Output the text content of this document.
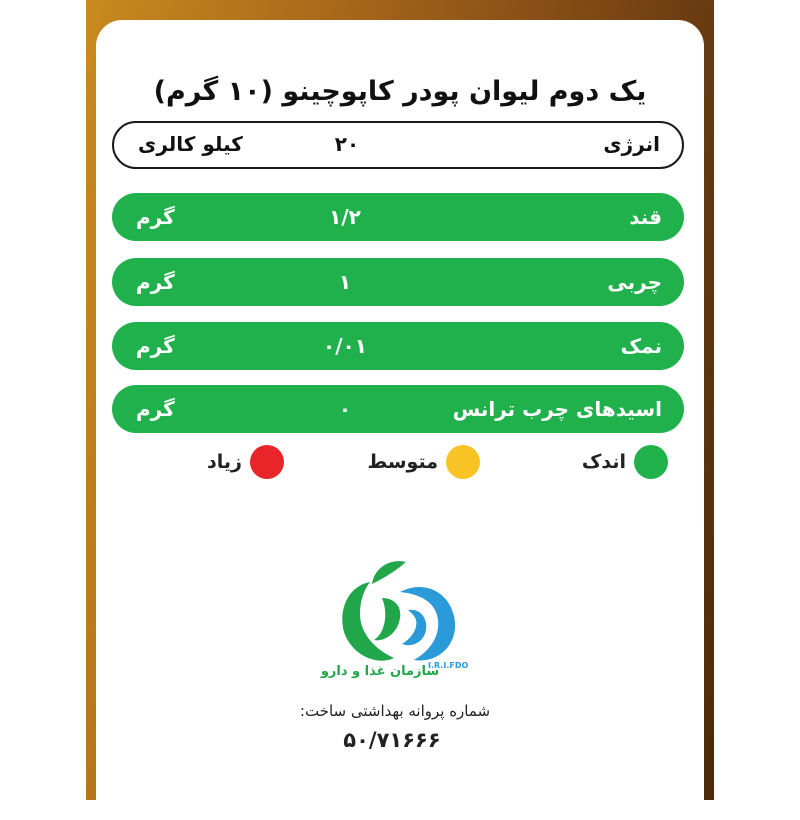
یک دوم لیوان پودر کاپوچینو (۱۰ گرم)
انرژی
۲۰
کیلو کالری
قند
۱/۲
گرم
چربی
۱
گرم
نمک
۰/۰۱
گرم
اسیدهای چرب ترانس
۰
گرم
اندک
متوسط
زیاد
I.R.I.FDO
سازمان غذا و دارو
شماره پروانه بهداشتی ساخت:
۵۰/۷۱۶۶۶
